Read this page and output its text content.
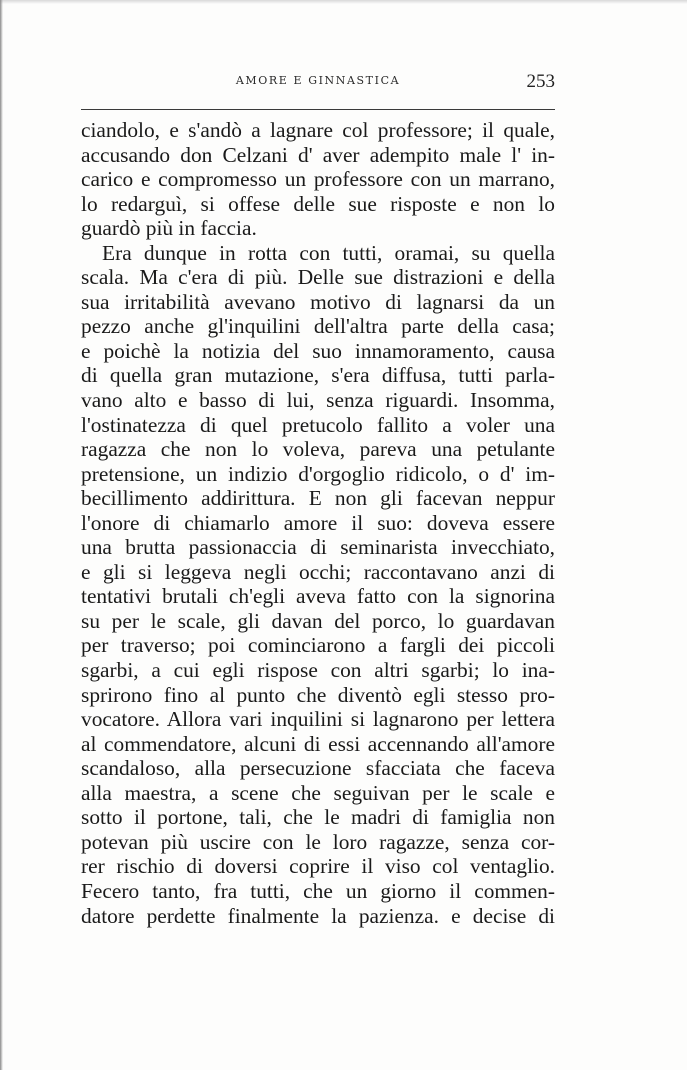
AMORE E GINNASTICA	253
ciandolo, e s'andò a lagnare col professore; il quale,
accusando don Celzani d' aver adempito male l' in-
carico e compromesso un professore con un marrano,
lo redarguì, si offese delle sue risposte e non lo
guardò più in faccia.
Era dunque in rotta con tutti, oramai, su quella
scala. Ma c'era di più. Delle sue distrazioni e della
sua irritabilità avevano motivo di lagnarsi da un
pezzo anche gl'inquilini dell'altra parte della casa;
e poichè la notizia del suo innamoramento, causa
di quella gran mutazione, s'era diffusa, tutti parla-
vano alto e basso di lui, senza riguardi. Insomma,
l'ostinatezza di quel pretucolo fallito a voler una
ragazza che non lo voleva, pareva una petulante
pretensione, un indizio d'orgoglio ridicolo, o d' im-
becillimento addirittura. E non gli facevan neppur
l'onore di chiamarlo amore il suo: doveva essere
una brutta passionaccia di seminarista invecchiato,
e gli si leggeva negli occhi; raccontavano anzi di
tentativi brutali ch'egli aveva fatto con la signorina
su per le scale, gli davan del porco, lo guardavan
per traverso; poi cominciarono a fargli dei piccoli
sgarbi, a cui egli rispose con altri sgarbi; lo ina-
sprirono fino al punto che diventò egli stesso pro-
vocatore. Allora vari inquilini si lagnarono per lettera
al commendatore, alcuni di essi accennando all'amore
scandaloso, alla persecuzione sfacciata che faceva
alla maestra, a scene che seguivan per le scale e
sotto il portone, tali, che le madri di famiglia non
potevan più uscire con le loro ragazze, senza cor-
rer rischio di doversi coprire il viso col ventaglio.
Fecero tanto, fra tutti, che un giorno il commen-
datore perdette finalmente la pazienza. e decise di
